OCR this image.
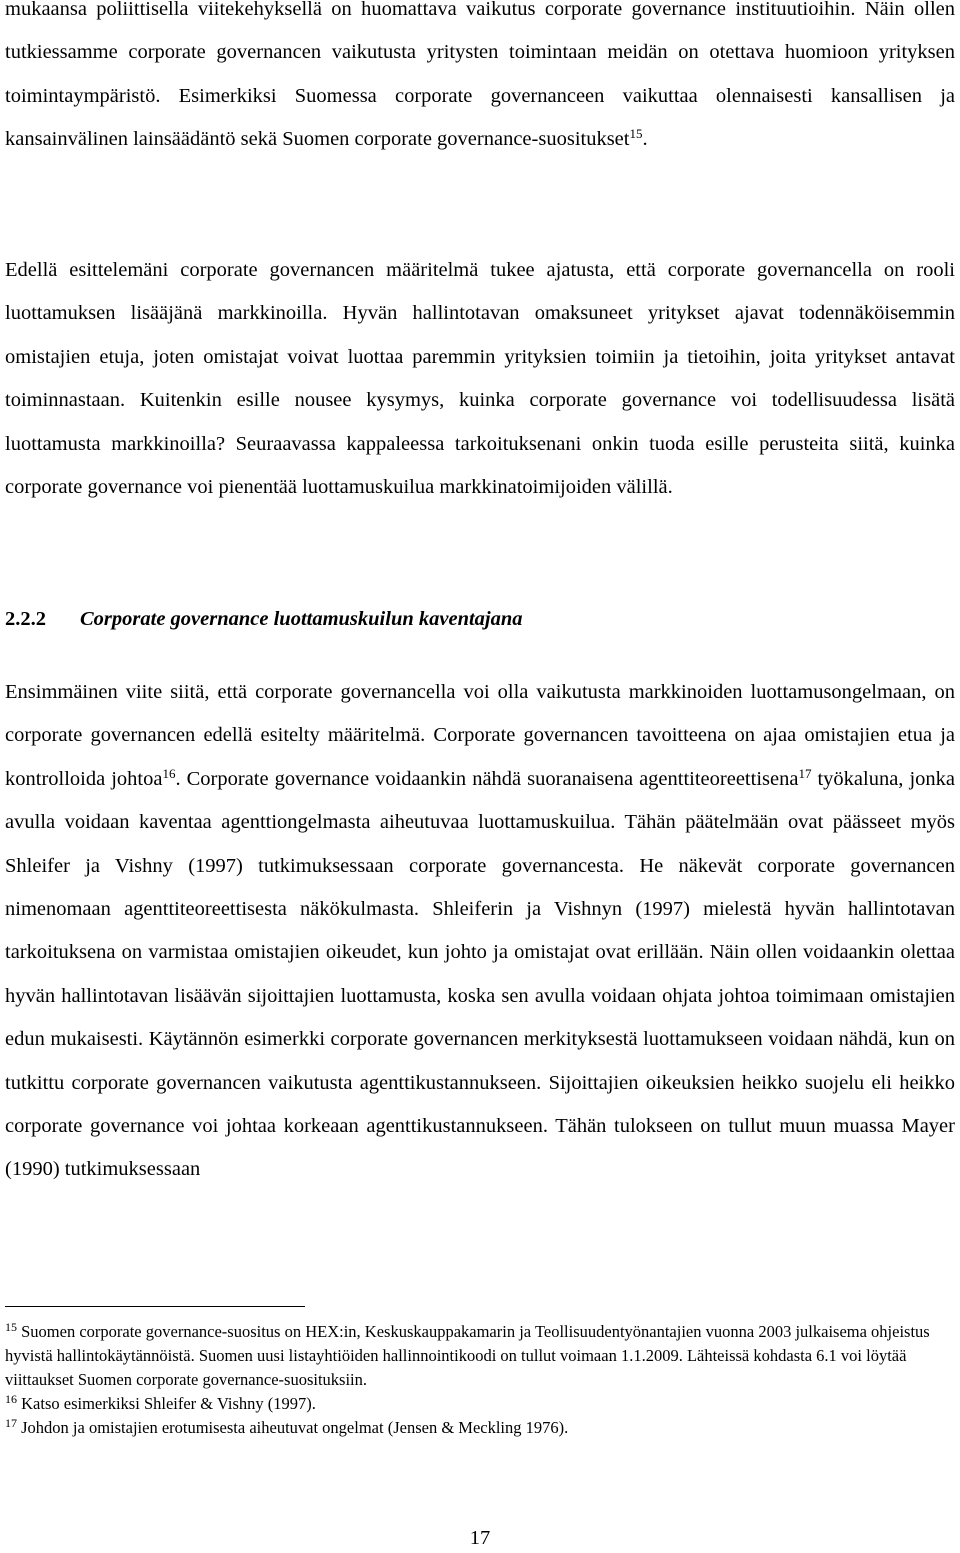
mukaansa poliittisella viitekehyksellä on huomattava vaikutus corporate governance instituutioihin. Näin ollen tutkiessamme corporate governancen vaikutusta yritysten toimintaan meidän on otettava huomioon yrityksen toimintaympäristö. Esimerkiksi Suomessa corporate governanceen vaikuttaa olennaisesti kansallisen ja kansainvälinen lainsäädäntö sekä Suomen corporate governance-suositukset$^{15}$.

Edellä esittelemäni corporate governancen määritelmä tukee ajatusta, että corporate governancella on rooli luottamuksen lisääjänä markkinoilla. Hyvän hallintotavan omaksuneet yritykset ajavat todennäköisemmin omistajien etuja, joten omistajat voivat luottaa paremmin yrityksien toimiin ja tietoihin, joita yritykset antavat toiminnastaan. Kuitenkin esille nousee kysymys, kuinka corporate governance voi todellisuudessa lisätä luottamusta markkinoilla? Seuraavassa kappaleessa tarkoituksenani onkin tuoda esille perusteita siitä, kuinka corporate governance voi pienentää luottamuskuilua markkinatoimijoiden välillä.

2.2.2 Corporate governance luottamuskuilun kaventajana

Ensimmäinen viite siitä, että corporate governancella voi olla vaikutusta markkinoiden luottamusongelmaan, on corporate governancen edellä esitelty määritelmä. Corporate governancen tavoitteena on ajaa omistajien etua ja kontrolloida johtoa$^{16}$. Corporate governance voidaankin nähdä suoranaisena agenttiteoreettisena$^{17}$ työkaluna, jonka avulla voidaan kaventaa agenttiongelmasta aiheutuvaa luottamuskuilua. Tähän päätelmään ovat päässeet myös Shleifer ja Vishny (1997) tutkimuksessaan corporate governancesta. He näkevät corporate governancen nimenomaan agenttiteoreettisesta näkökulmasta. Shleiferin ja Vishnyn (1997) mielestä hyvän hallintotavan tarkoituksena on varmistaa omistajien oikeudet, kun johto ja omistajat ovat erillään. Näin ollen voidaankin olettaa hyvän hallintotavan lisäävän sijoittajien luottamusta, koska sen avulla voidaan ohjata johtoa toimimaan omistajien edun mukaisesti. Käytännön esimerkki corporate governancen merkityksestä luottamukseen voidaan nähdä, kun on tutkittu corporate governancen vaikutusta agenttikustannukseen. Sijoittajien oikeuksien heikko suojelu eli heikko corporate governance voi johtaa korkeaan agenttikustannukseen. Tähän tulokseen on tullut muun muassa Mayer (1990) tutkimuksessaan

$^{15}$ Suomen corporate governance-suositus on HEX:in, Keskuskauppakamarin ja Teollisuudentyönantajien vuonna 2003 julkaisema ohjeistus hyvistä hallintokäytännöistä. Suomen uusi listayhtiöiden hallinnointikoodi on tullut voimaan 1.1.2009. Lähteissä kohdasta 6.1 voi löytää viittaukset Suomen corporate governance-suosituksiin.

$^{16}$ Katso esimerkiksi Shleifer & Vishny (1997).

$^{17}$ Johdon ja omistajien erotumisesta aiheutuvat ongelmat (Jensen & Meckling 1976).

17
